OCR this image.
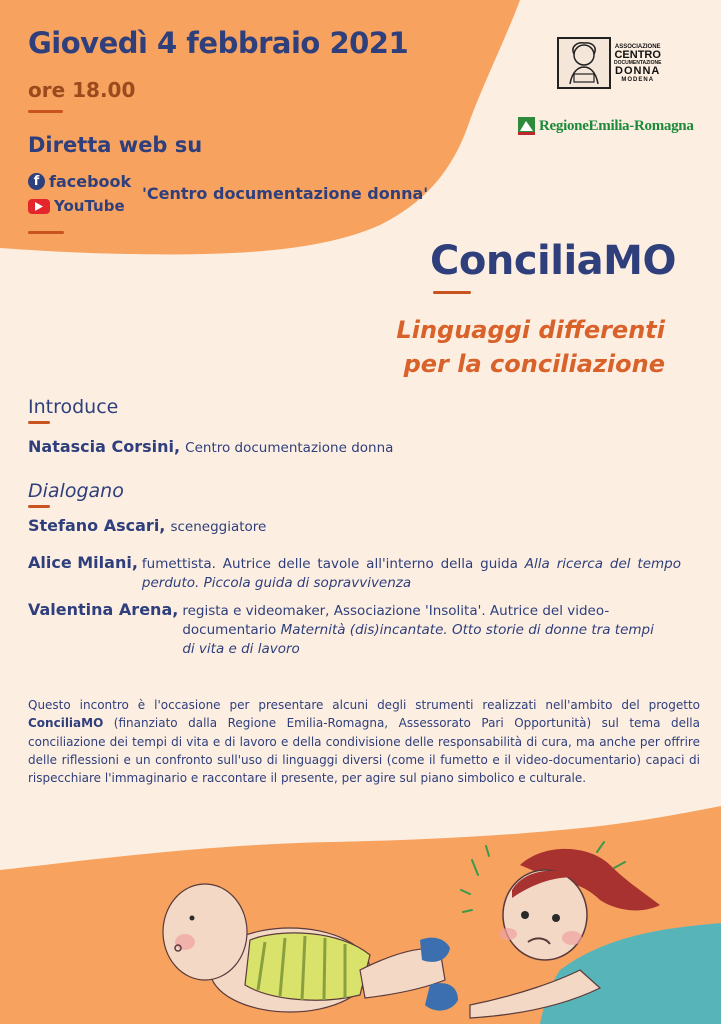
Giovedì 4 febbraio 2021
ore 18.00
Diretta web su
f facebook
YouTube
'Centro documentazione donna'
ASSOCIAZIONE
CENTRO
DOCUMENTAZIONE
DONNA
MODENA
RegioneEmilia-Romagna
ConciliaMO
Linguaggi differenti
per la conciliazione
Introduce
Natascia Corsini, Centro documentazione donna
Dialogano
Stefano Ascari, sceneggiatore
Alice Milani, fumettista. Autrice delle tavole all'interno della guida Alla ricerca del tempo perduto. Piccola guida di sopravvivenza
Valentina Arena, regista e videomaker, Associazione 'Insolita'. Autrice del video-documentario Maternità (dis)incantate. Otto storie di donne tra tempi di vita e di lavoro
Questo incontro è l'occasione per presentare alcuni degli strumenti realizzati nell'ambito del progetto ConciliaMO (finanziato dalla Regione Emilia-Romagna, Assessorato Pari Opportunità) sul tema della conciliazione dei tempi di vita e di lavoro e della condivisione delle responsabilità di cura, ma anche per offrire delle riflessioni e un confronto sull'uso di linguaggi diversi (come il fumetto e il video-documentario) capaci di rispecchiare l'immaginario e raccontare il presente, per agire sul piano simbolico e culturale.
